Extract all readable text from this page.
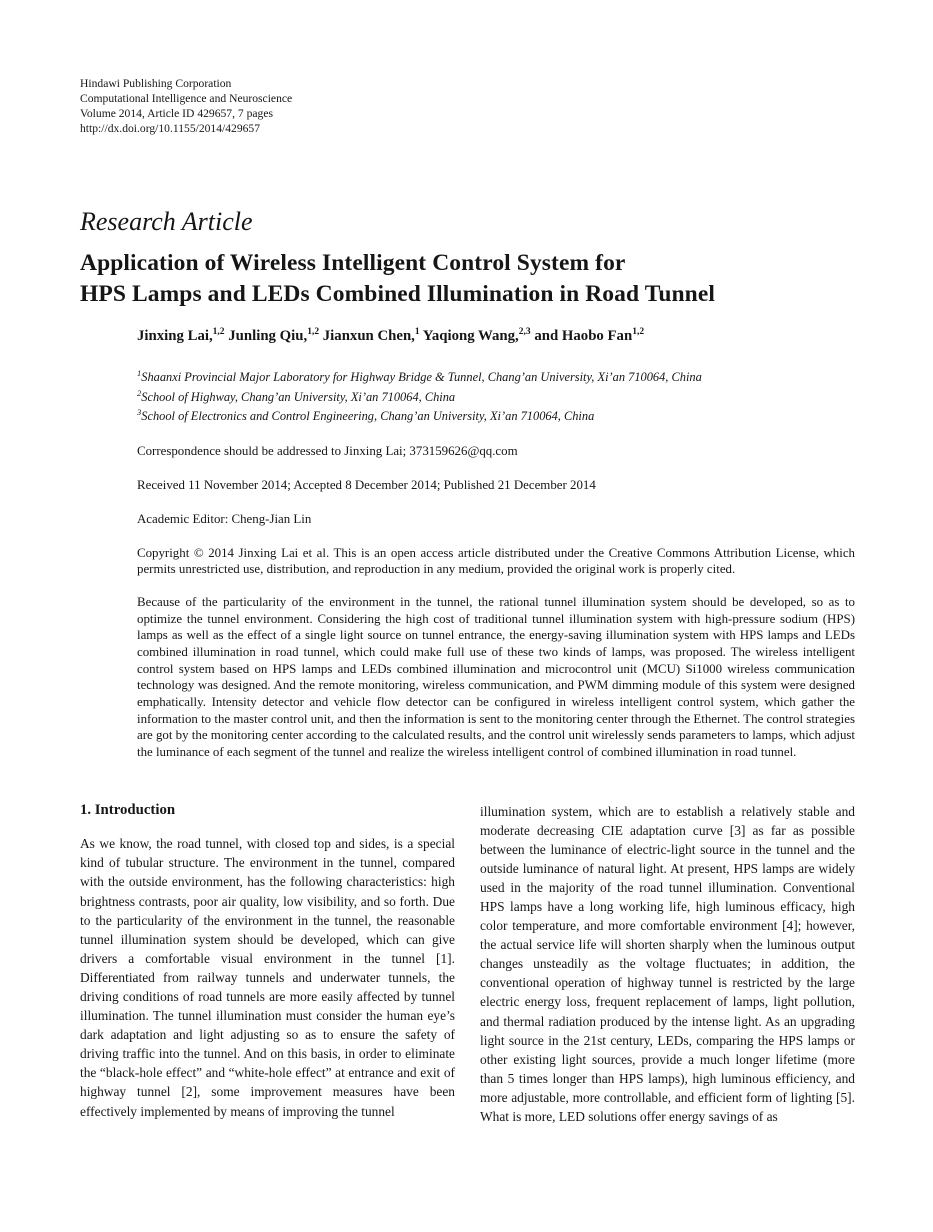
Hindawi Publishing Corporation
Computational Intelligence and Neuroscience
Volume 2014, Article ID 429657, 7 pages
http://dx.doi.org/10.1155/2014/429657
Research Article
Application of Wireless Intelligent Control System for
HPS Lamps and LEDs Combined Illumination in Road Tunnel

Jinxing Lai,$^{1,2}$ Junling Qiu,$^{1,2}$ Jianxun Chen,$^1$ Yaqiong Wang,$^{2,3}$ and Haobo Fan$^{1,2}$

$^1$Shaanxi Provincial Major Laboratory for Highway Bridge & Tunnel, Chang’an University, Xi’an 710064, China
$^2$School of Highway, Chang’an University, Xi’an 710064, China
$^3$School of Electronics and Control Engineering, Chang’an University, Xi’an 710064, China
Correspondence should be addressed to Jinxing Lai; 373159626@qq.com
Received 11 November 2014; Accepted 8 December 2014; Published 21 December 2014
Academic Editor: Cheng-Jian Lin
Copyright © 2014 Jinxing Lai et al. This is an open access article distributed under the Creative Commons Attribution License, which permits unrestricted use, distribution, and reproduction in any medium, provided the original work is properly cited.
Because of the particularity of the environment in the tunnel, the rational tunnel illumination system should be developed, so as to optimize the tunnel environment. Considering the high cost of traditional tunnel illumination system with high-pressure sodium (HPS) lamps as well as the effect of a single light source on tunnel entrance, the energy-saving illumination system with HPS lamps and LEDs combined illumination in road tunnel, which could make full use of these two kinds of lamps, was proposed. The wireless intelligent control system based on HPS lamps and LEDs combined illumination and microcontrol unit (MCU) Si1000 wireless communication technology was designed. And the remote monitoring, wireless communication, and PWM dimming module of this system were designed emphatically. Intensity detector and vehicle flow detector can be configured in wireless intelligent control system, which gather the information to the master control unit, and then the information is sent to the monitoring center through the Ethernet. The control strategies are got by the monitoring center according to the calculated results, and the control unit wirelessly sends parameters to lamps, which adjust the luminance of each segment of the tunnel and realize the wireless intelligent control of combined illumination in road tunnel.
1. Introduction

As we know, the road tunnel, with closed top and sides, is a special kind of tubular structure. The environment in the tunnel, compared with the outside environment, has the following characteristics: high brightness contrasts, poor air quality, low visibility, and so forth. Due to the particularity of the environment in the tunnel, the reasonable tunnel illumination system should be developed, which can give drivers a comfortable visual environment in the tunnel [1]. Differentiated from railway tunnels and underwater tunnels, the driving conditions of road tunnels are more easily affected by tunnel illumination. The tunnel illumination must consider the human eye’s dark adaptation and light adjusting so as to ensure the safety of driving traffic into the tunnel. And on this basis, in order to eliminate the “black-hole effect” and “white-hole effect” at entrance and exit of highway tunnel [2], some improvement measures have been effectively implemented by means of improving the tunnel

illumination system, which are to establish a relatively stable and moderate decreasing CIE adaptation curve [3] as far as possible between the luminance of electric-light source in the tunnel and the outside luminance of natural light. At present, HPS lamps are widely used in the majority of the road tunnel illumination. Conventional HPS lamps have a long working life, high luminous efficacy, high color temperature, and more comfortable environment [4]; however, the actual service life will shorten sharply when the luminous output changes unsteadily as the voltage fluctuates; in addition, the conventional operation of highway tunnel is restricted by the large electric energy loss, frequent replacement of lamps, light pollution, and thermal radiation produced by the intense light. As an upgrading light source in the 21st century, LEDs, comparing the HPS lamps or other existing light sources, provide a much longer lifetime (more than 5 times longer than HPS lamps), high luminous efficiency, and more adjustable, more controllable, and efficient form of lighting [5]. What is more, LED solutions offer energy savings of as
